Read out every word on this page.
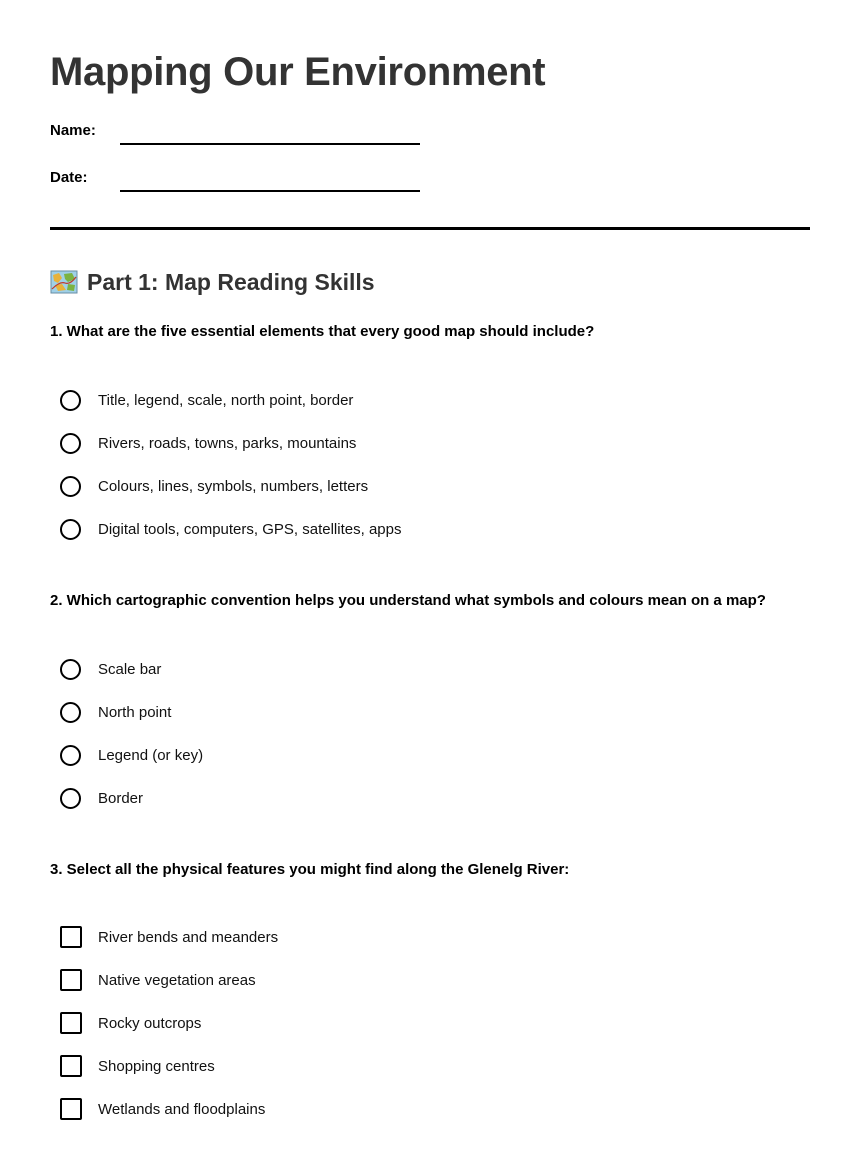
Mapping Our Environment
Name:
Date:
Part 1: Map Reading Skills
1. What are the five essential elements that every good map should include?
Title, legend, scale, north point, border
Rivers, roads, towns, parks, mountains
Colours, lines, symbols, numbers, letters
Digital tools, computers, GPS, satellites, apps
2. Which cartographic convention helps you understand what symbols and colours mean on a map?
Scale bar
North point
Legend (or key)
Border
3. Select all the physical features you might find along the Glenelg River:
River bends and meanders
Native vegetation areas
Rocky outcrops
Shopping centres
Wetlands and floodplains
